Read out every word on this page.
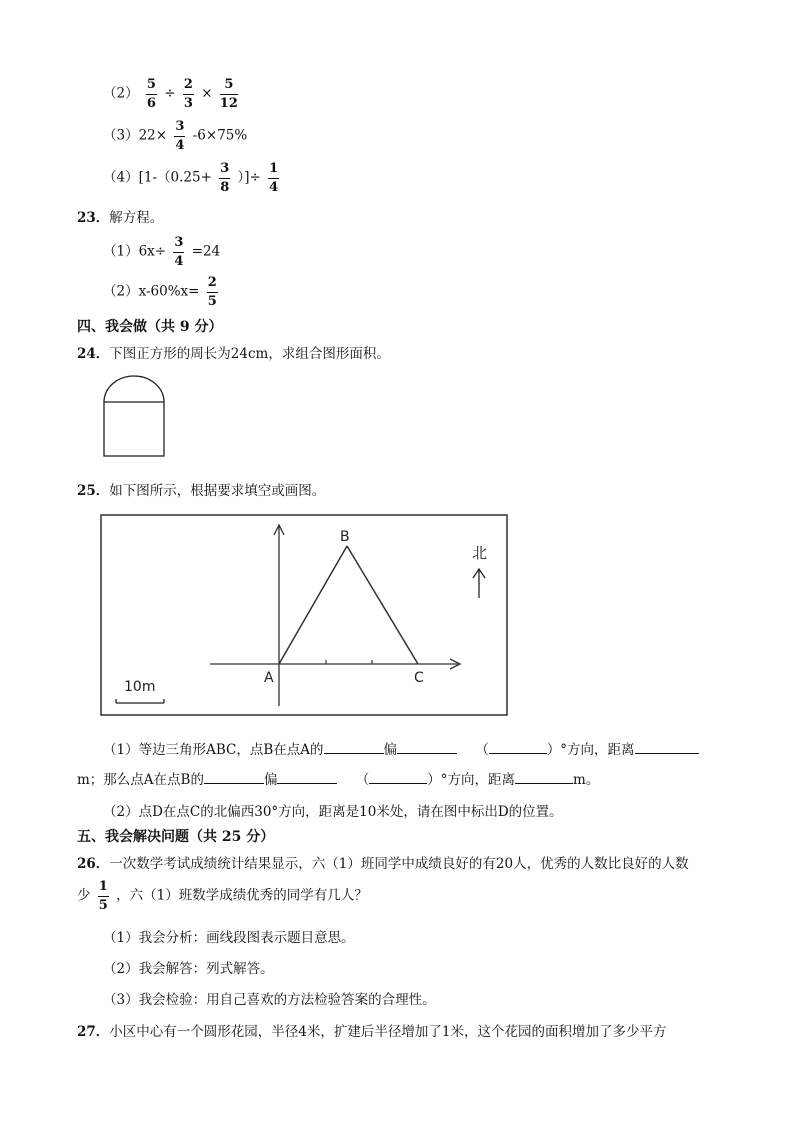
$(2) \frac{5}{6} \div \frac{2}{3} \times \frac{5}{12}$
$(3)22\times \frac{3}{4} -6\times 75\%$
$(4)[1-(0.25+ \frac{3}{8}$ ）]÷ $\frac{1}{4}$
23．解方程。
$(1)6x\div \frac{3}{4} =24$
$(2)x-60\%x= \frac{2}{5}$
四、我会做（共 9 分）
24．下图正方形的周长为24cm，求组合图形面积。
25．如下图所示，根据要求填空或画图。
A
B
C
北
10m
（1）等边三角形ABC，点B在点A的	偏	（	）°方向，距离
m；那么点A在点B的	偏	（	）°方向，距离	m。
（2）点D在点C的北偏西30°方向，距离是10米处，请在图中标出D的位置。
五、我会解决问题（共 25 分）
26．一次数学考试成绩统计结果显示，六（1）班同学中成绩良好的有20人，优秀的人数比良好的人数
少 $\frac{1}{5}$ ，六（1）班数学成绩优秀的同学有几人？
（1）我会分析：画线段图表示题目意思。
（2）我会解答：列式解答。
（3）我会检验：用自己喜欢的方法检验答案的合理性。
27．小区中心有一个圆形花园，半径4米，扩建后半径增加了1米，这个花园的面积增加了多少平方
